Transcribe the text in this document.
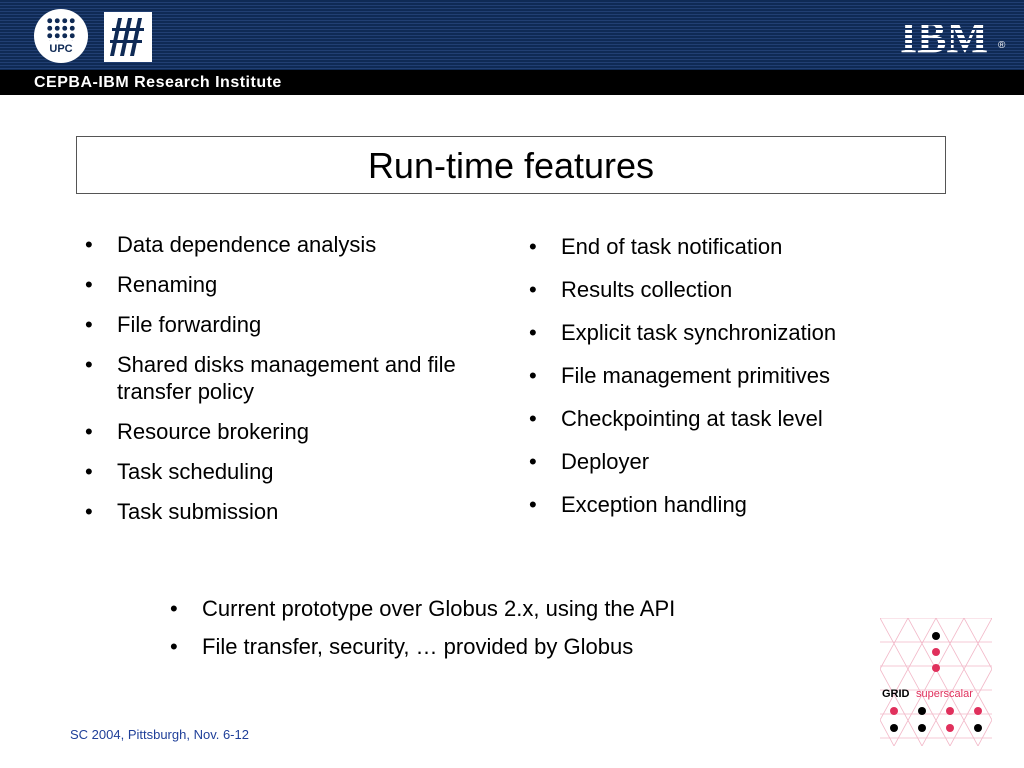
UPC	IBM ®
CEPBA-IBM Research Institute
Run-time features
• Data dependence analysis
• Renaming
• File forwarding
• Shared disks management and file transfer policy
• Resource brokering
• Task scheduling
• Task submission
• End of task notification
• Results collection
• Explicit task synchronization
• File management primitives
• Checkpointing at task level
• Deployer
• Exception handling
• Current prototype over Globus 2.x, using the API
• File transfer, security, … provided by Globus
SC 2004, Pittsburgh, Nov. 6-12
GRID superscalar
